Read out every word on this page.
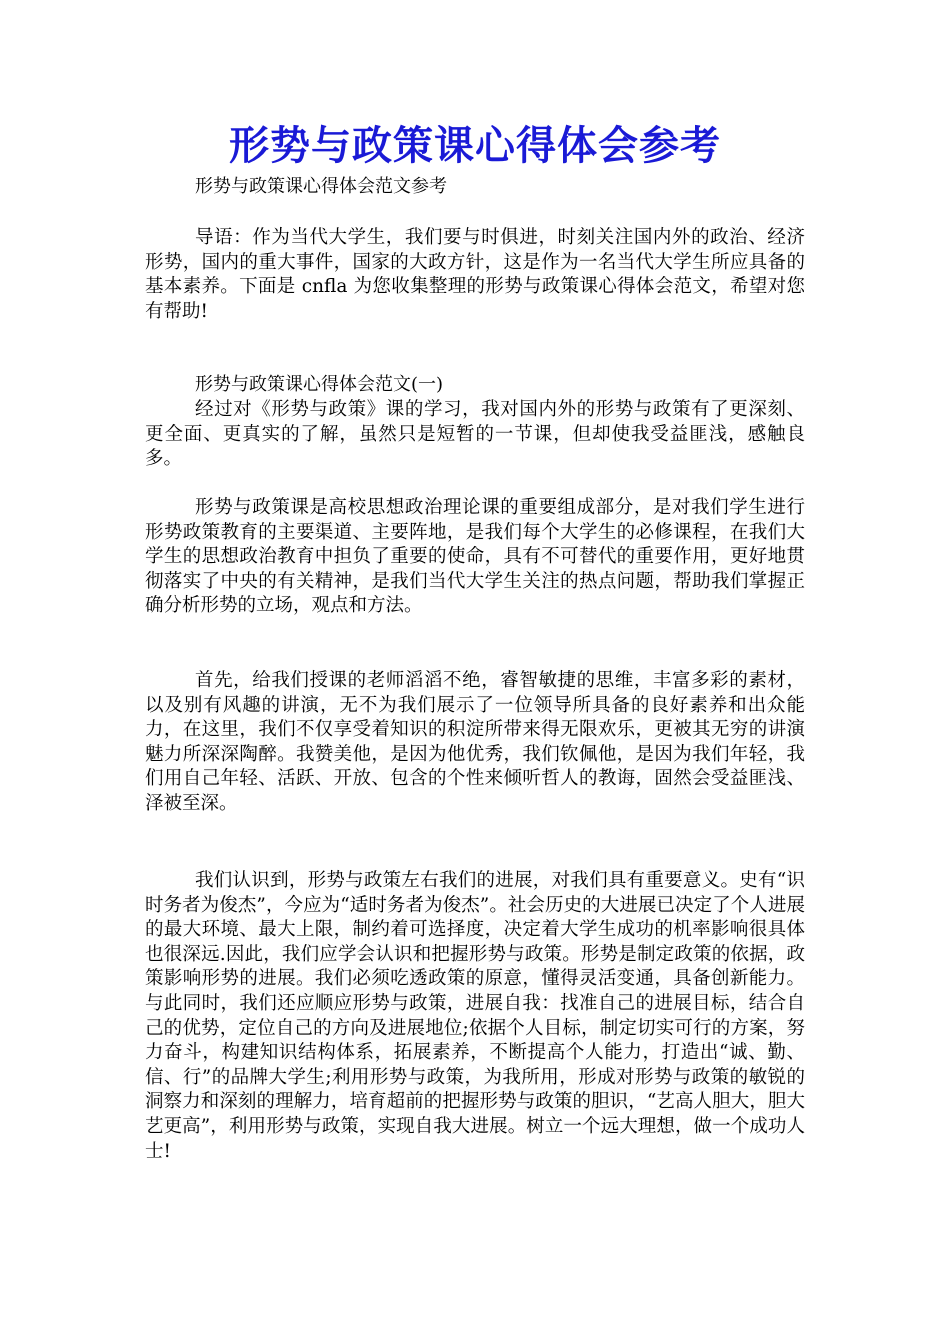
形势与政策课心得体会参考

形势与政策课心得体会范文参考

导语：作为当代大学生，我们要与时俱进，时刻关注国内外的政治、经济形势，国内的重大事件，国家的大政方针，这是作为一名当代大学生所应具备的基本素养。下面是 cnfla 为您收集整理的形势与政策课心得体会范文，希望对您有帮助!

形势与政策课心得体会范文(一)

经过对《形势与政策》课的学习，我对国内外的形势与政策有了更深刻、更全面、更真实的了解，虽然只是短暂的一节课，但却使我受益匪浅，感触良多。

形势与政策课是高校思想政治理论课的重要组成部分，是对我们学生进行形势政策教育的主要渠道、主要阵地，是我们每个大学生的必修课程，在我们大学生的思想政治教育中担负了重要的使命，具有不可替代的重要作用，更好地贯彻落实了中央的有关精神，是我们当代大学生关注的热点问题，帮助我们掌握正确分析形势的立场，观点和方法。

首先，给我们授课的老师滔滔不绝，睿智敏捷的思维，丰富多彩的素材，以及别有风趣的讲演，无不为我们展示了一位领导所具备的良好素养和出众能力，在这里，我们不仅享受着知识的积淀所带来得无限欢乐，更被其无穷的讲演魅力所深深陶醉。我赞美他，是因为他优秀，我们钦佩他，是因为我们年轻，我们用自己年轻、活跃、开放、包含的个性来倾听哲人的教诲，固然会受益匪浅、泽被至深。

我们认识到，形势与政策左右我们的进展，对我们具有重要意义。史有“识时务者为俊杰”，今应为“适时务者为俊杰”。社会历史的大进展已决定了个人进展的最大环境、最大上限，制约着可选择度，决定着大学生成功的机率影响很具体也很深远.因此，我们应学会认识和把握形势与政策。形势是制定政策的依据，政策影响形势的进展。我们必须吃透政策的原意，懂得灵活变通，具备创新能力。与此同时，我们还应顺应形势与政策，进展自我：找准自己的进展目标，结合自己的优势，定位自己的方向及进展地位;依据个人目标，制定切实可行的方案，努力奋斗，构建知识结构体系，拓展素养，不断提高个人能力，打造出“诚、勤、信、行”的品牌大学生;利用形势与政策，为我所用，形成对形势与政策的敏锐的洞察力和深刻的理解力，培育超前的把握形势与政策的胆识，“艺高人胆大，胆大艺更高”，利用形势与政策，实现自我大进展。树立一个远大理想，做一个成功人士!
